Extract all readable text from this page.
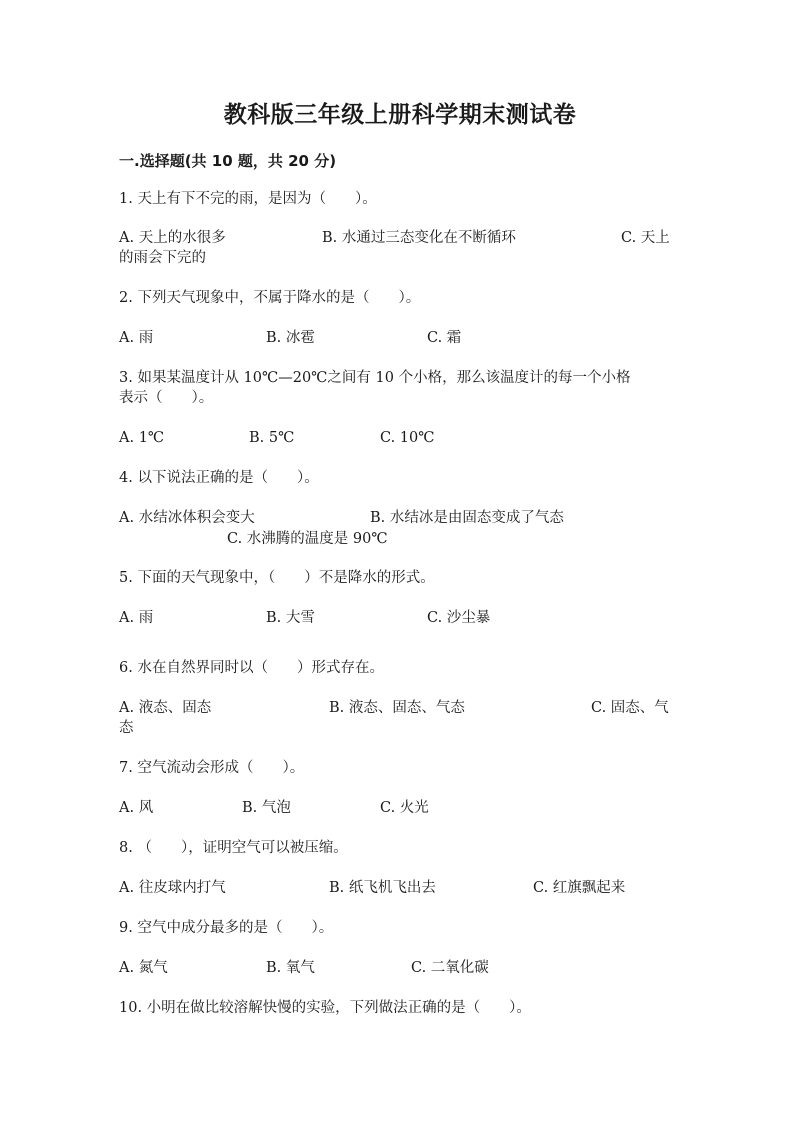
教科版三年级上册科学期末测试卷
一.选择题(共 10 题，共 20 分)
1. 天上有下不完的雨，是因为（　　）。
A. 天上的水很多	B. 水通过三态变化在不断循环	C. 天上
的雨会下完的
2. 下列天气现象中，不属于降水的是（　　）。
A. 雨	B. 冰雹	C. 霜
3. 如果某温度计从 10℃—20℃之间有 10 个小格，那么该温度计的每一个小格
表示（　　）。
A. 1℃	B. 5℃	C. 10℃
4. 以下说法正确的是（　　）。
A. 水结冰体积会变大	B. 水结冰是由固态变成了气态
C. 水沸腾的温度是 90℃
5. 下面的天气现象中，（　　）不是降水的形式。
A. 雨	B. 大雪	C. 沙尘暴
6. 水在自然界同时以（　　）形式存在。
A. 液态、固态	B. 液态、固态、气态	C. 固态、气
态
7. 空气流动会形成（　　）。
A. 风	B. 气泡	C. 火光
8. （　　），证明空气可以被压缩。
A. 往皮球内打气	B. 纸飞机飞出去	C. 红旗飘起来
9. 空气中成分最多的是（　　）。
A. 氮气	B. 氧气	C. 二氧化碳
10. 小明在做比较溶解快慢的实验，下列做法正确的是（　　）。
